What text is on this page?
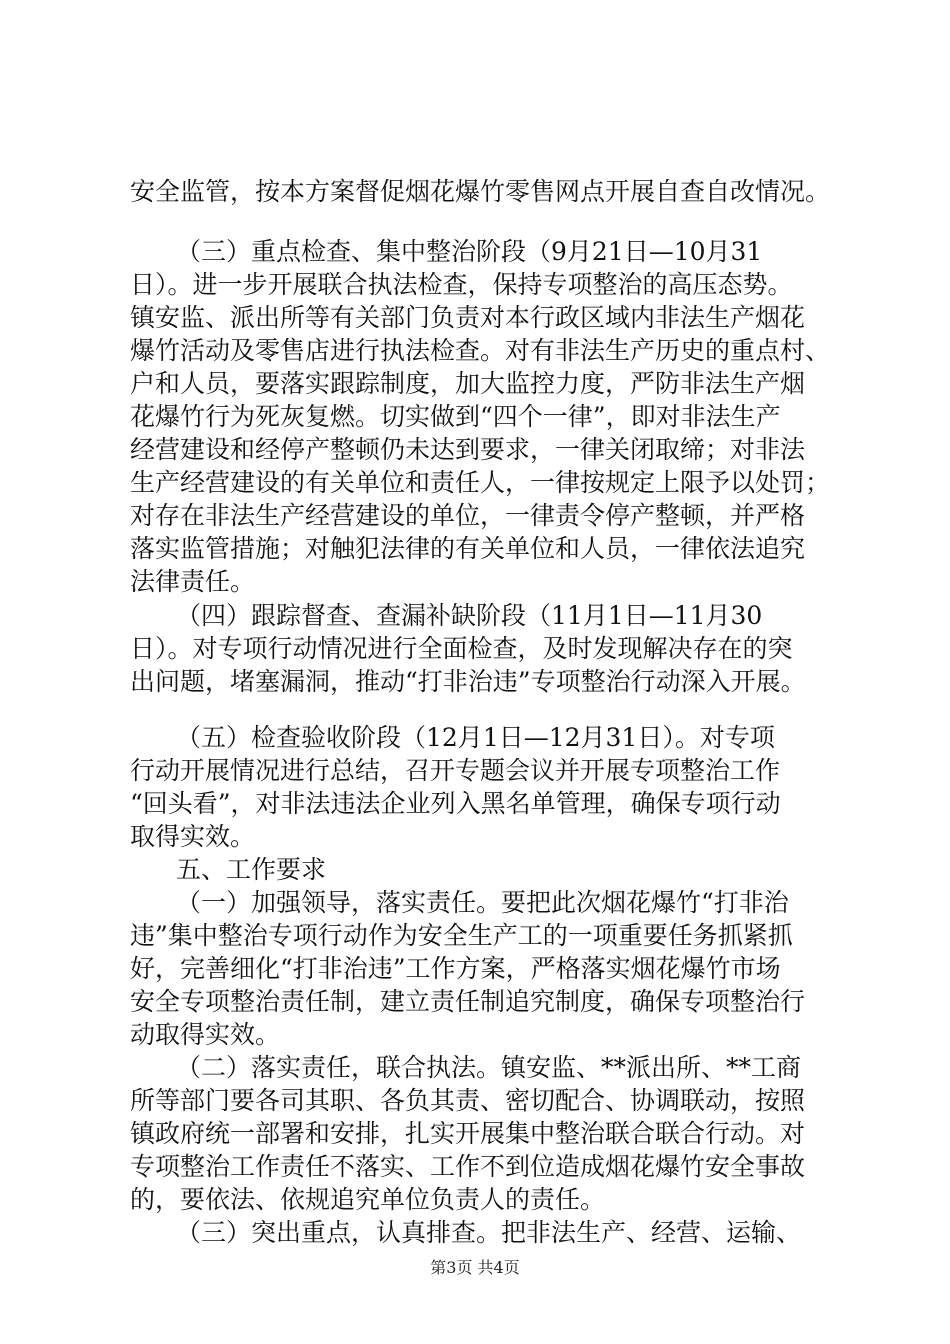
安全监管，按本方案督促烟花爆竹零售网点开展自查自改情况。
（三）重点检查、集中整治阶段（9月21日—10月31
日）。进一步开展联合执法检查，保持专项整治的高压态势。
镇安监、派出所等有关部门负责对本行政区域内非法生产烟花
爆竹活动及零售店进行执法检查。对有非法生产历史的重点村、
户和人员，要落实跟踪制度，加大监控力度，严防非法生产烟
花爆竹行为死灰复燃。切实做到“四个一律”，即对非法生产
经营建设和经停产整顿仍未达到要求，一律关闭取缔；对非法
生产经营建设的有关单位和责任人，一律按规定上限予以处罚；
对存在非法生产经营建设的单位，一律责令停产整顿，并严格
落实监管措施；对触犯法律的有关单位和人员，一律依法追究
法律责任。
（四）跟踪督查、查漏补缺阶段（11月1日—11月30
日）。对专项行动情况进行全面检查，及时发现解决存在的突
出问题，堵塞漏洞，推动“打非治违”专项整治行动深入开展。
（五）检查验收阶段（12月1日—12月31日）。对专项
行动开展情况进行总结，召开专题会议并开展专项整治工作
“回头看”，对非法违法企业列入黑名单管理，确保专项行动
取得实效。
五、工作要求
（一）加强领导，落实责任。要把此次烟花爆竹“打非治
违”集中整治专项行动作为安全生产工的一项重要任务抓紧抓
好，完善细化“打非治违”工作方案，严格落实烟花爆竹市场
安全专项整治责任制，建立责任制追究制度，确保专项整治行
动取得实效。
（二）落实责任，联合执法。镇安监、**派出所、**工商
所等部门要各司其职、各负其责、密切配合、协调联动，按照
镇政府统一部署和安排，扎实开展集中整治联合联合行动。对
专项整治工作责任不落实、工作不到位造成烟花爆竹安全事故
的，要依法、依规追究单位负责人的责任。
（三）突出重点，认真排查。把非法生产、经营、运输、
第3页 共4页
